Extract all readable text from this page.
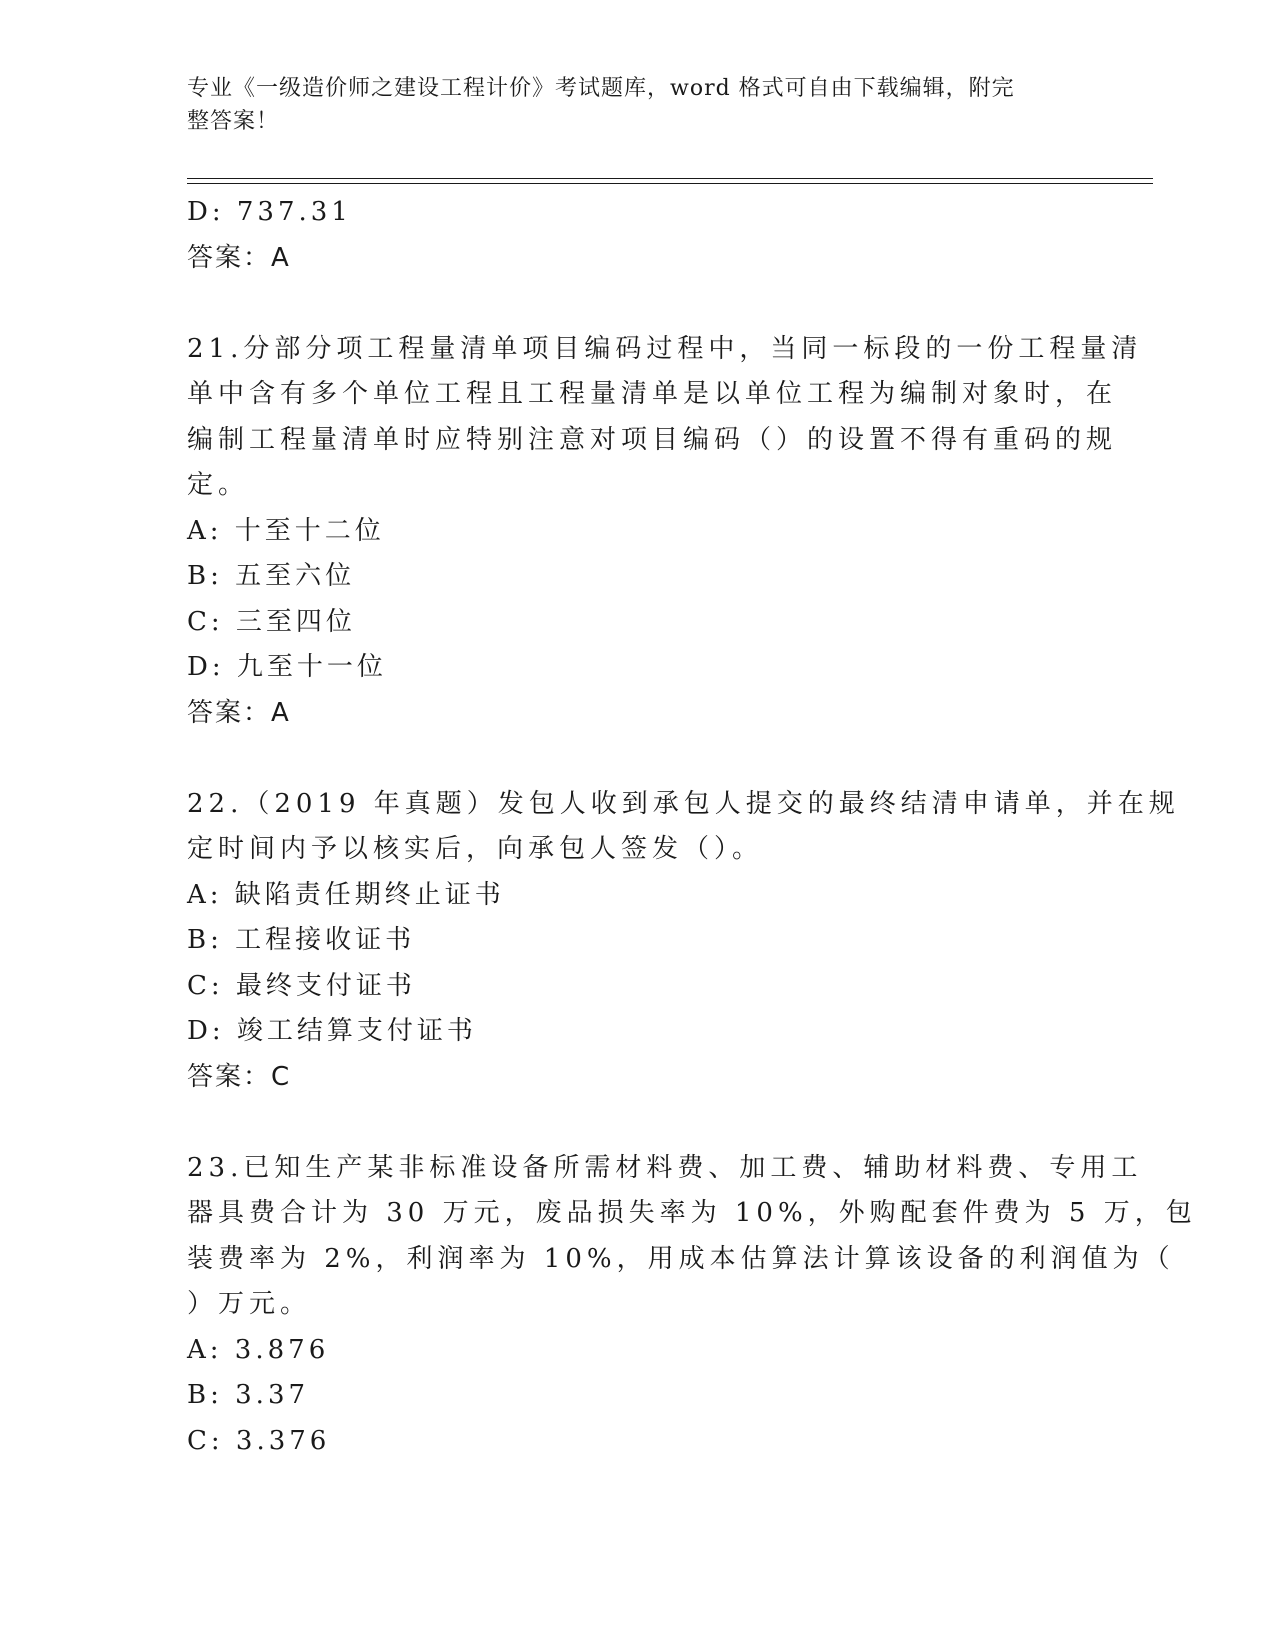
专业《一级造价师之建设工程计价》考试题库，word 格式可自由下载编辑，附完
整答案！
D: 737.31
答案：A
21.分部分项工程量清单项目编码过程中，当同一标段的一份工程量清
单中含有多个单位工程且工程量清单是以单位工程为编制对象时，在
编制工程量清单时应特别注意对项目编码（）的设置不得有重码的规
定。
A: 十至十二位
B: 五至六位
C: 三至四位
D: 九至十一位
答案：A
22.（2019 年真题）发包人收到承包人提交的最终结清申请单，并在规
定时间内予以核实后，向承包人签发（）。
A: 缺陷责任期终止证书
B: 工程接收证书
C: 最终支付证书
D: 竣工结算支付证书
答案：C
23.已知生产某非标准设备所需材料费、加工费、辅助材料费、专用工
器具费合计为 30 万元，废品损失率为 10%，外购配套件费为 5 万，包
装费率为 2%，利润率为 10%，用成本估算法计算该设备的利润值为（
）万元。
A: 3.876
B: 3.37
C: 3.376
